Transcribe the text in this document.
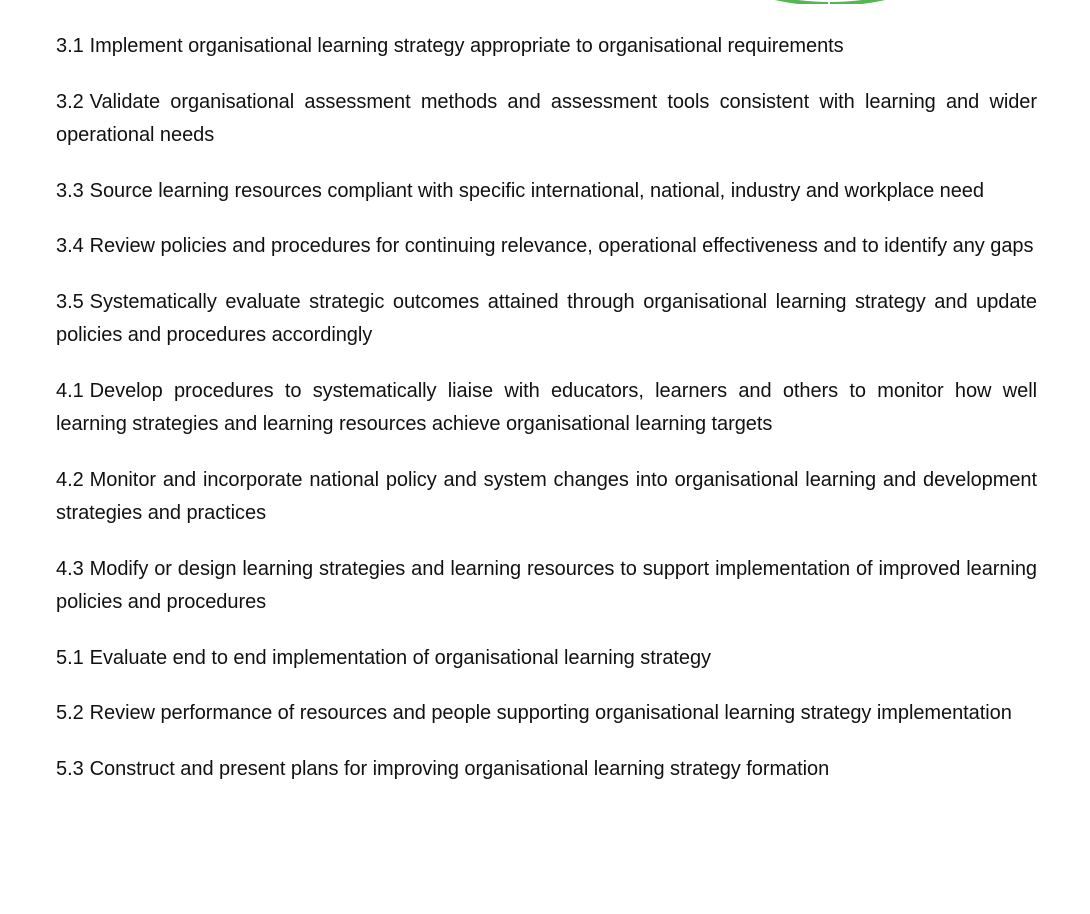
3.1 Implement organisational learning strategy appropriate to organisational requirements

3.2 Validate organisational assessment methods and assessment tools consistent with learning and wider operational needs

3.3 Source learning resources compliant with specific international, national, industry and workplace need

3.4 Review policies and procedures for continuing relevance, operational effectiveness and to identify any gaps

3.5 Systematically evaluate strategic outcomes attained through organisational learning strategy and update policies and procedures accordingly

4.1 Develop procedures to systematically liaise with educators, learners and others to monitor how well learning strategies and learning resources achieve organisational learning targets

4.2 Monitor and incorporate national policy and system changes into organisational learning and development strategies and practices

4.3 Modify or design learning strategies and learning resources to support implementation of improved learning policies and procedures

5.1 Evaluate end to end implementation of organisational learning strategy

5.2 Review performance of resources and people supporting organisational learning strategy implementation

5.3 Construct and present plans for improving organisational learning strategy formation
